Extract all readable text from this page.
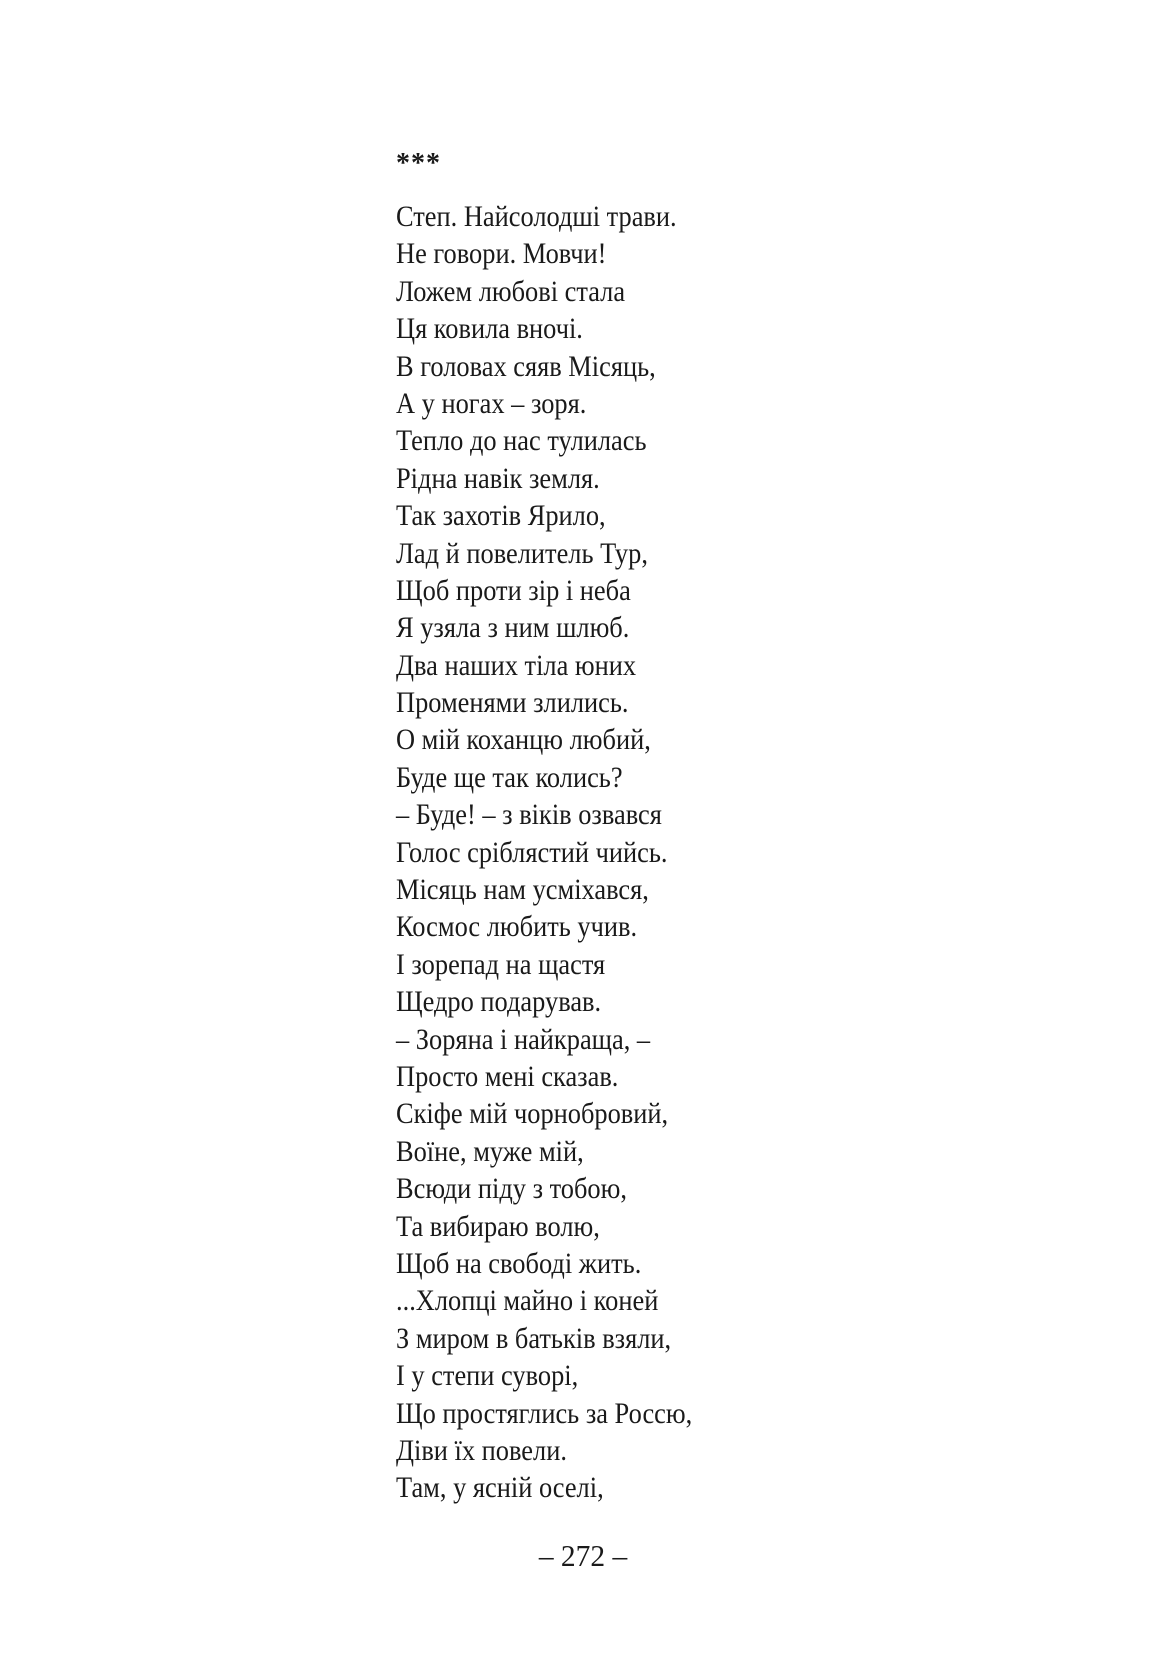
***
Степ. Найсолодші трави.
Не говори. Мовчи!
Ложем любові стала
Ця ковила вночі.
В головах сяяв Місяць,
А у ногах – зоря.
Тепло до нас тулилась
Рідна навік земля.
Так захотів Ярило,
Лад й повелитель Тур,
Щоб проти зір і неба
Я узяла з ним шлюб.
Два наших тіла юних
Променями злились.
О мій коханцю любий,
Буде ще так колись?
– Буде! – з віків озвався
Голос сріблястий чийсь.
Місяць нам усміхався,
Космос любить учив.
І зорепад на щастя
Щедро подарував.
– Зоряна і найкраща, –
Просто мені сказав.
Скіфе мій чорнобровий,
Воїне, муже мій,
Всюди піду з тобою,
Та вибираю волю,
Щоб на свободі жить.
...Хлопці майно і коней
З миром в батьків взяли,
І у степи суворі,
Що простяглись за Россю,
Діви їх повели.
Там, у ясній оселі,
– 272 –
